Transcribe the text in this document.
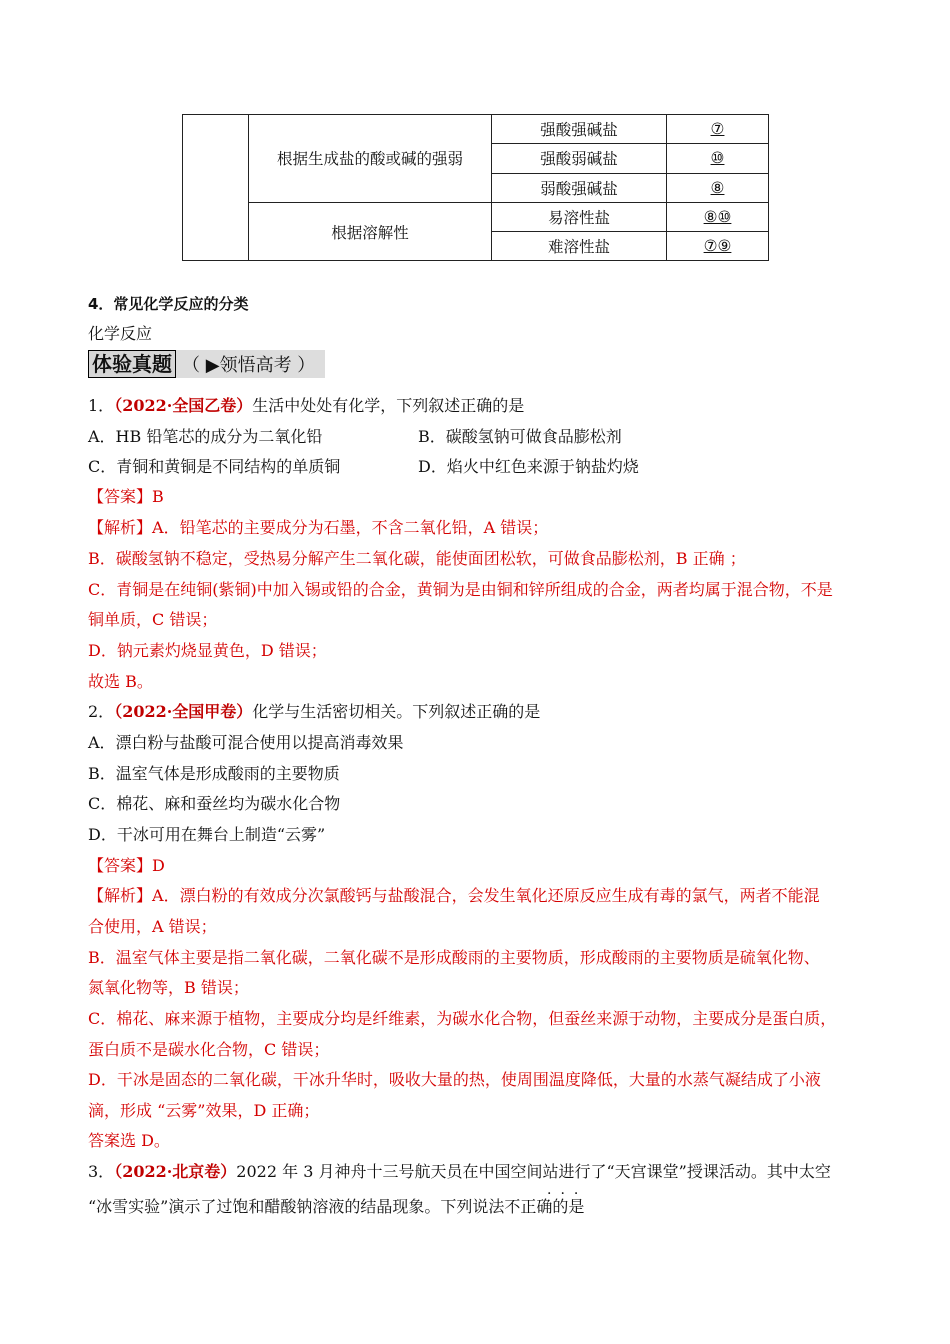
	根据生成盐的酸或碱的强弱	强酸强碱盐	⑦
		强酸弱碱盐	⑩
		弱酸强碱盐	⑧
	根据溶解性	易溶性盐	⑧⑩
		难溶性盐	⑦⑨
4．常见化学反应的分类
化学反应
体验真题 （ ▶领悟高考 ）
1．（2022·全国乙卷）生活中处处有化学，下列叙述正确的是
A．HB 铅笔芯的成分为二氧化铅	B．碳酸氢钠可做食品膨松剂
C．青铜和黄铜是不同结构的单质铜	D．焰火中红色来源于钠盐灼烧
【答案】B
【解析】A．铅笔芯的主要成分为石墨，不含二氧化铅，A 错误；
B．碳酸氢钠不稳定，受热易分解产生二氧化碳，能使面团松软，可做食品膨松剂，B 正确 ；
C．青铜是在纯铜(紫铜)中加入锡或铅的合金，黄铜为是由铜和锌所组成的合金，两者均属于混合物，不是
铜单质，C 错误；
D．钠元素灼烧显黄色，D 错误；
故选 B。
2．（2022·全国甲卷）化学与生活密切相关。下列叙述正确的是
A．漂白粉与盐酸可混合使用以提高消毒效果
B．温室气体是形成酸雨的主要物质
C．棉花、麻和蚕丝均为碳水化合物
D．干冰可用在舞台上制造“云雾”
【答案】D
【解析】A．漂白粉的有效成分次氯酸钙与盐酸混合，会发生氧化还原反应生成有毒的氯气，两者不能混
合使用，A 错误；
B．温室气体主要是指二氧化碳，二氧化碳不是形成酸雨的主要物质，形成酸雨的主要物质是硫氧化物、
氮氧化物等，B 错误；
C．棉花、麻来源于植物，主要成分均是纤维素，为碳水化合物，但蚕丝来源于动物，主要成分是蛋白质，
蛋白质不是碳水化合物，C 错误；
D．干冰是固态的二氧化碳，干冰升华时，吸收大量的热，使周围温度降低，大量的水蒸气凝结成了小液
滴，形成 “云雾”效果，D 正确；
答案选 D。
3．（2022·北京卷）2022 年 3 月神舟十三号航天员在中国空间站进行了“天宫课堂”授课活动。其中太空
···
“冰雪实验”演示了过饱和醋酸钠溶液的结晶现象。下列说法不正确的是
